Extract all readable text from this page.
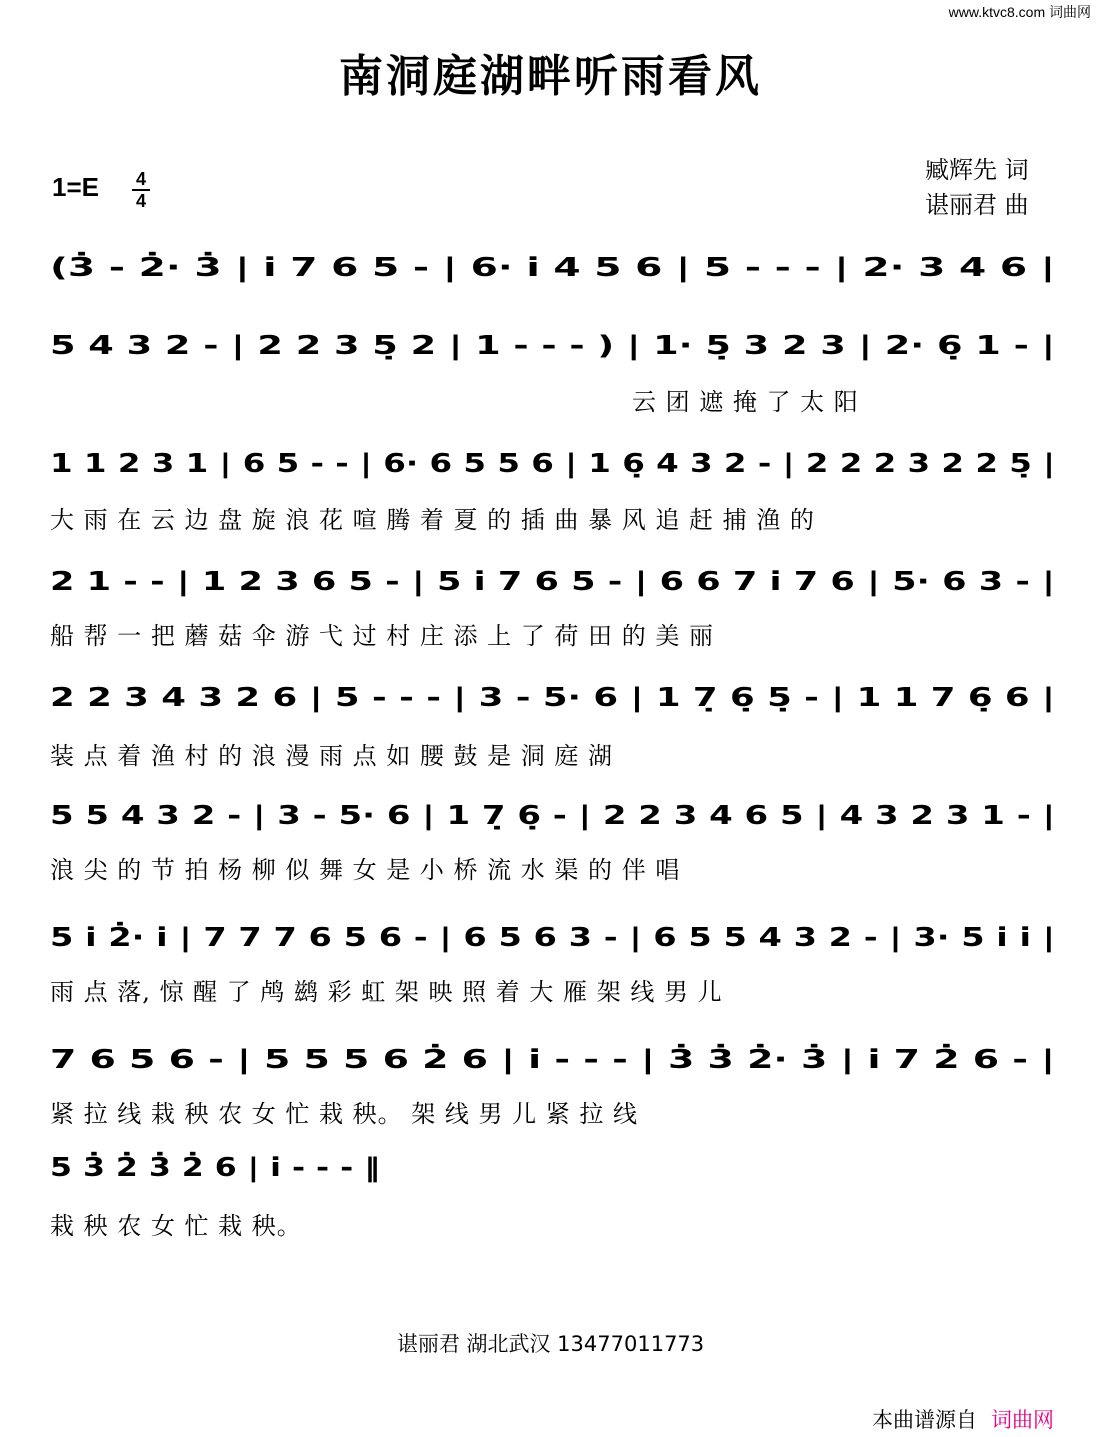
www.ktvc8.com 词曲网
南洞庭湖畔听雨看风
1=E 4
4
臧辉先 词
谌丽君 曲
(3̇ - 2̇· 3̇ | i̇ 7 6 5 - | 6· i̇ 4 5 6 | 5 - - - | 2· 3 4 6 |
5 4 3 2 - | 2 2 3 5̣ 2 | 1 - - - ) | 1· 5̣ 3 2 3 | 2· 6̣ 1 - |
1 1 2 3 1 | 6 5 - - | 6· 6 5 5 6 | 1 6̣ 4 3 2 - | 2 2 2 3 2 2 5̣ |
2 1 - - | 1 2 3 6 5 - | 5 i̇ 7 6 5 - | 6 6 7 i̇ 7 6 | 5· 6 3 - |
2 2 3 4 3 2 6 | 5 - - - | 3 - 5· 6 | 1 7̣ 6̣ 5̣ - | 1 1 7 6̣ 6 |
5 5 4 3 2 - | 3 - 5· 6 | 1 7̣ 6̣ - | 2 2 3 4 6 5 | 4 3 2 3 1 - |
5 i̇ 2̇· i̇ | 7 7 7 6 5 6 - | 6 5 6 3 - | 6 5 5 4 3 2 - | 3· 5 i̇ i̇ |
7 6 5 6 - | 5 5 5 6 2̇ 6 | i̇ - - - | 3̇ 3̇ 2̇· 3̇ | i̇ 7 2̇ 6 - |
5 3̇ 2̇ 3̇ 2̇ 6 | i̇ - - - ‖
云 团 遮 掩 了 太 阳
大 雨 在 云 边 盘 旋 浪 花 喧 腾 着 夏 的 插 曲 暴 风 追 赶 捕 渔 的
船 帮 一 把 蘑 菇 伞 游 弋 过 村 庄 添 上 了 荷 田 的 美 丽
装 点 着 渔 村 的 浪 漫 雨 点 如 腰 鼓 是 洞 庭 湖
浪 尖 的 节 拍 杨 柳 似 舞 女 是 小 桥 流 水 渠 的 伴 唱
雨 点 落, 惊 醒 了 鸬 鹚 彩 虹 架 映 照 着 大 雁 架 线 男 儿
紧 拉 线 栽 秧 农 女 忙 栽 秧。 架 线 男 儿 紧 拉 线
栽 秧 农 女 忙 栽 秧。
谌丽君 湖北武汉 13477011773
本曲谱源自 词曲网
